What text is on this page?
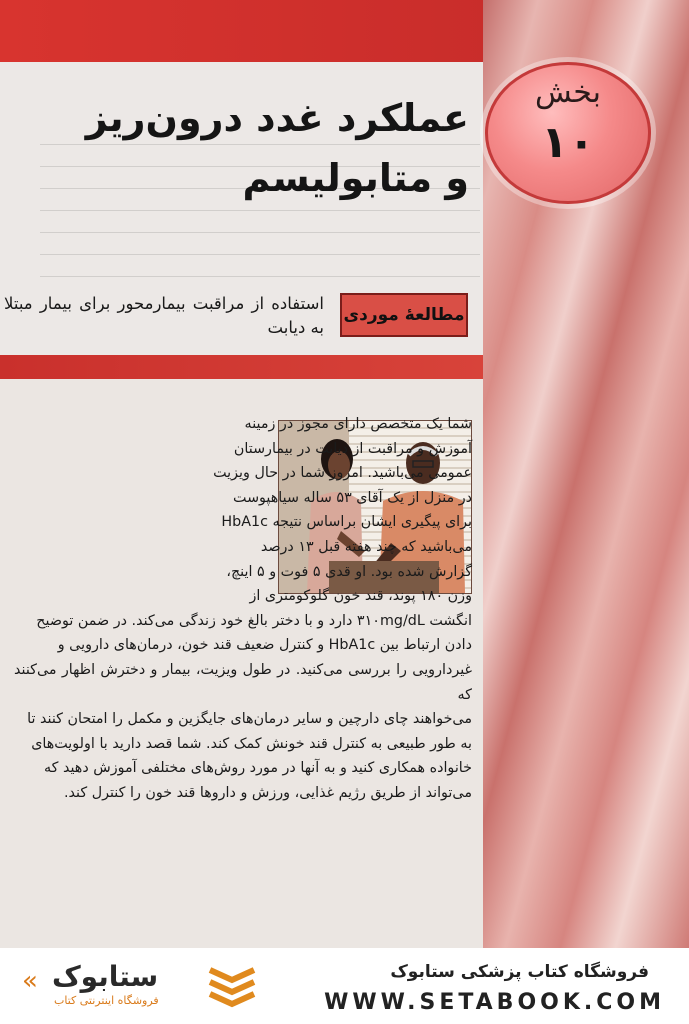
عملکرد غدد درون‌ریز
و متابولیسم
بخش
۱۰
مطالعهٔ موردی
استفاده از مراقبت بیمارمحور برای بیمار مبتلا به دیابت
شما یک متخصص دارای مجوز در زمینه
آموزش و مراقبت از دیابت در بیمارستان
عمومی می‌باشید. امروز شما در حال ویزیت
در منزل از یک آقای ۵۳ ساله سیاهپوست
برای پیگیری ایشان براساس نتیجه HbA1c
می‌باشید که چند هفته قبل ۱۳ درصد
گزارش شده بود. او قدی ۵ فوت و ۵ اینچ،
وزن ۱۸۰ پوند، قند خون گلوکومتری از
انگشت ۳۱۰mg/dL دارد و با دختر بالغ خود زندگی می‌کند. در ضمن توضیح
دادن ارتباط بین HbA1c و کنترل ضعیف قند خون، درمان‌های دارویی و
غیردارویی را بررسی می‌کنید. در طول ویزیت، بیمار و دخترش اظهار می‌کنند که
می‌خواهند چای دارچین و سایر درمان‌های جایگزین و مکمل را امتحان کنند تا
به طور طبیعی به کنترل قند خونش کمک کند. شما قصد دارید با اولویت‌های
خانواده همکاری کنید و به آنها در مورد روش‌های مختلفی آموزش دهید که
می‌تواند از طریق رژیم غذایی، ورزش و داروها قند خون را کنترل کند.
فروشگاه کتاب پزشکی ستابوک
WWW.SETABOOK.COM
« ستابوک
فروشگاه اینترنتی کتاب
